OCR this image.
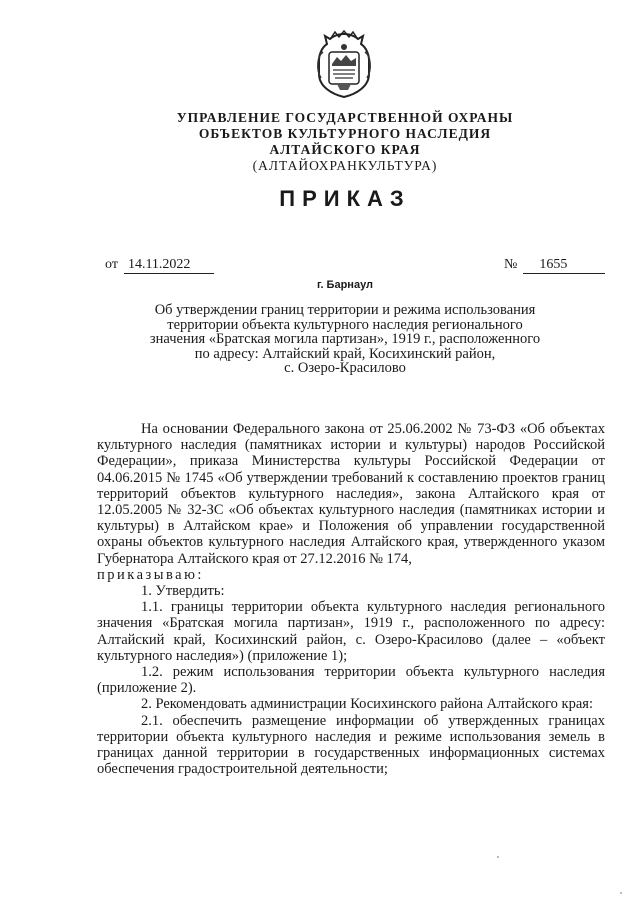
УПРАВЛЕНИЕ ГОСУДАРСТВЕННОЙ ОХРАНЫ
ОБЪЕКТОВ КУЛЬТУРНОГО НАСЛЕДИЯ
АЛТАЙСКОГО КРАЯ
(АЛТАЙОХРАНКУЛЬТУРА)
ПРИКАЗ
от 14.11.2022	№ 1655
г. Барнаул
Об утверждении границ территории и режима использования
территории объекта культурного наследия регионального
значения «Братская могила партизан», 1919 г., расположенного
по адресу: Алтайский край, Косихинский район,
с. Озеро-Красилово

На основании Федерального закона от 25.06.2002 № 73-ФЗ «Об объектах культурного наследия (памятниках истории и культуры) народов Российской Федерации», приказа Министерства культуры Российской Федерации от 04.06.2015 № 1745 «Об утверждении требований к составлению проектов границ территорий объектов культурного наследия», закона Алтайского края от 12.05.2005 № 32-ЗС «Об объектах культурного наследия (памятниках истории и культуры) в Алтайском крае» и Положения об управлении государственной охраны объектов культурного наследия Алтайского края, утвержденного указом Губернатора Алтайского края от 27.12.2016 № 174,

приказываю:

1. Утвердить:

1.1. границы территории объекта культурного наследия регионального значения «Братская могила партизан», 1919 г., расположенного по адресу: Алтайский край, Косихинский район, с. Озеро-Красилово (далее – «объект культурного наследия») (приложение 1);

1.2. режим использования территории объекта культурного наследия (приложение 2).

2. Рекомендовать администрации Косихинского района Алтайского края:

2.1. обеспечить размещение информации об утвержденных границах территории объекта культурного наследия и режиме использования земель в границах данной территории в государственных информационных системах обеспечения градостроительной деятельности;
